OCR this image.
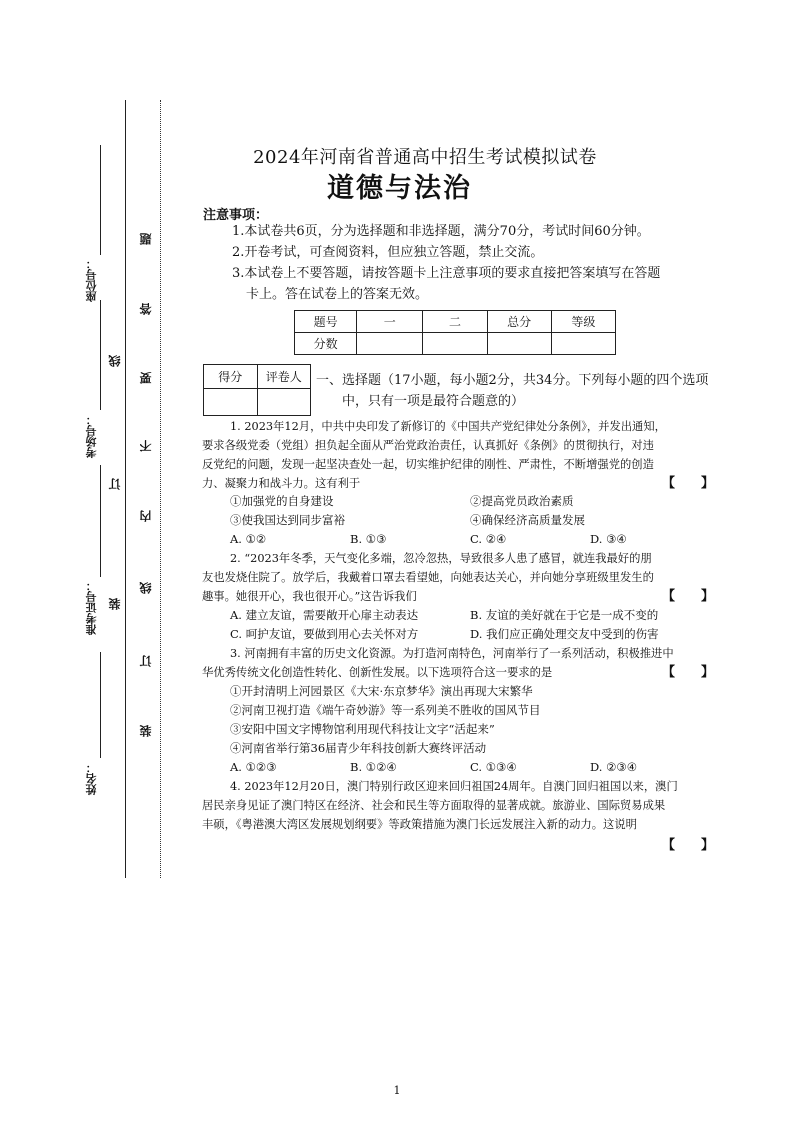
座位号：
考场号：
准考证号：
姓名：
线
订
装
题
答
要
不
内
线
订
装
2024年河南省普通高中招生考试模拟试卷
道德与法治
注意事项：
1.本试卷共6页，分为选择题和非选择题，满分70分，考试时间60分钟。
2.开卷考试，可查阅资料，但应独立答题，禁止交流。
3.本试卷上不要答题，请按答题卡上注意事项的要求直接把答案填写在答题
卡上。答在试卷上的答案无效。
题号	一	二	总分	等级
分数				
得分	评卷人
	一、选择题（17小题，每小题2分，共34分。下列每小题的四个选项
中，只有一项是最符合题意的）
1. 2023年12月，中共中央印发了新修订的《中国共产党纪律处分条例》，并发出通知，
要求各级党委（党组）担负起全面从严治党政治责任，认真抓好《条例》的贯彻执行，对违
反党纪的问题，发现一起坚决查处一起，切实维护纪律的刚性、严肃性，不断增强党的创造
力、凝聚力和战斗力。这有利于	【　　】
①加强党的自身建设	②提高党员政治素质
③使我国达到同步富裕	④确保经济高质量发展
A. ①②	B. ①③	C. ②④	D. ③④
2. “2023年冬季，天气变化多端，忽冷忽热，导致很多人患了感冒，就连我最好的朋
友也发烧住院了。放学后，我戴着口罩去看望她，向她表达关心，并向她分享班级里发生的
趣事。她很开心，我也很开心。”这告诉我们	【　　】
A. 建立友谊，需要敞开心扉主动表达	B. 友谊的美好就在于它是一成不变的
C. 呵护友谊，要做到用心去关怀对方	D. 我们应正确处理交友中受到的伤害
3. 河南拥有丰富的历史文化资源。为打造河南特色，河南举行了一系列活动，积极推进中
华优秀传统文化创造性转化、创新性发展。以下选项符合这一要求的是	【　　】
①开封清明上河园景区《大宋·东京梦华》演出再现大宋繁华
②河南卫视打造《端午奇妙游》等一系列美不胜收的国风节目
③安阳中国文字博物馆利用现代科技让文字“活起来”
④河南省举行第36届青少年科技创新大赛终评活动
A. ①②③	B. ①②④	C. ①③④	D. ②③④
4. 2023年12月20日，澳门特别行政区迎来回归祖国24周年。自澳门回归祖国以来，澳门
居民亲身见证了澳门特区在经济、社会和民生等方面取得的显著成就。旅游业、国际贸易成果
丰硕，《粤港澳大湾区发展规划纲要》等政策措施为澳门长远发展注入新的动力。这说明
【　　】
1
